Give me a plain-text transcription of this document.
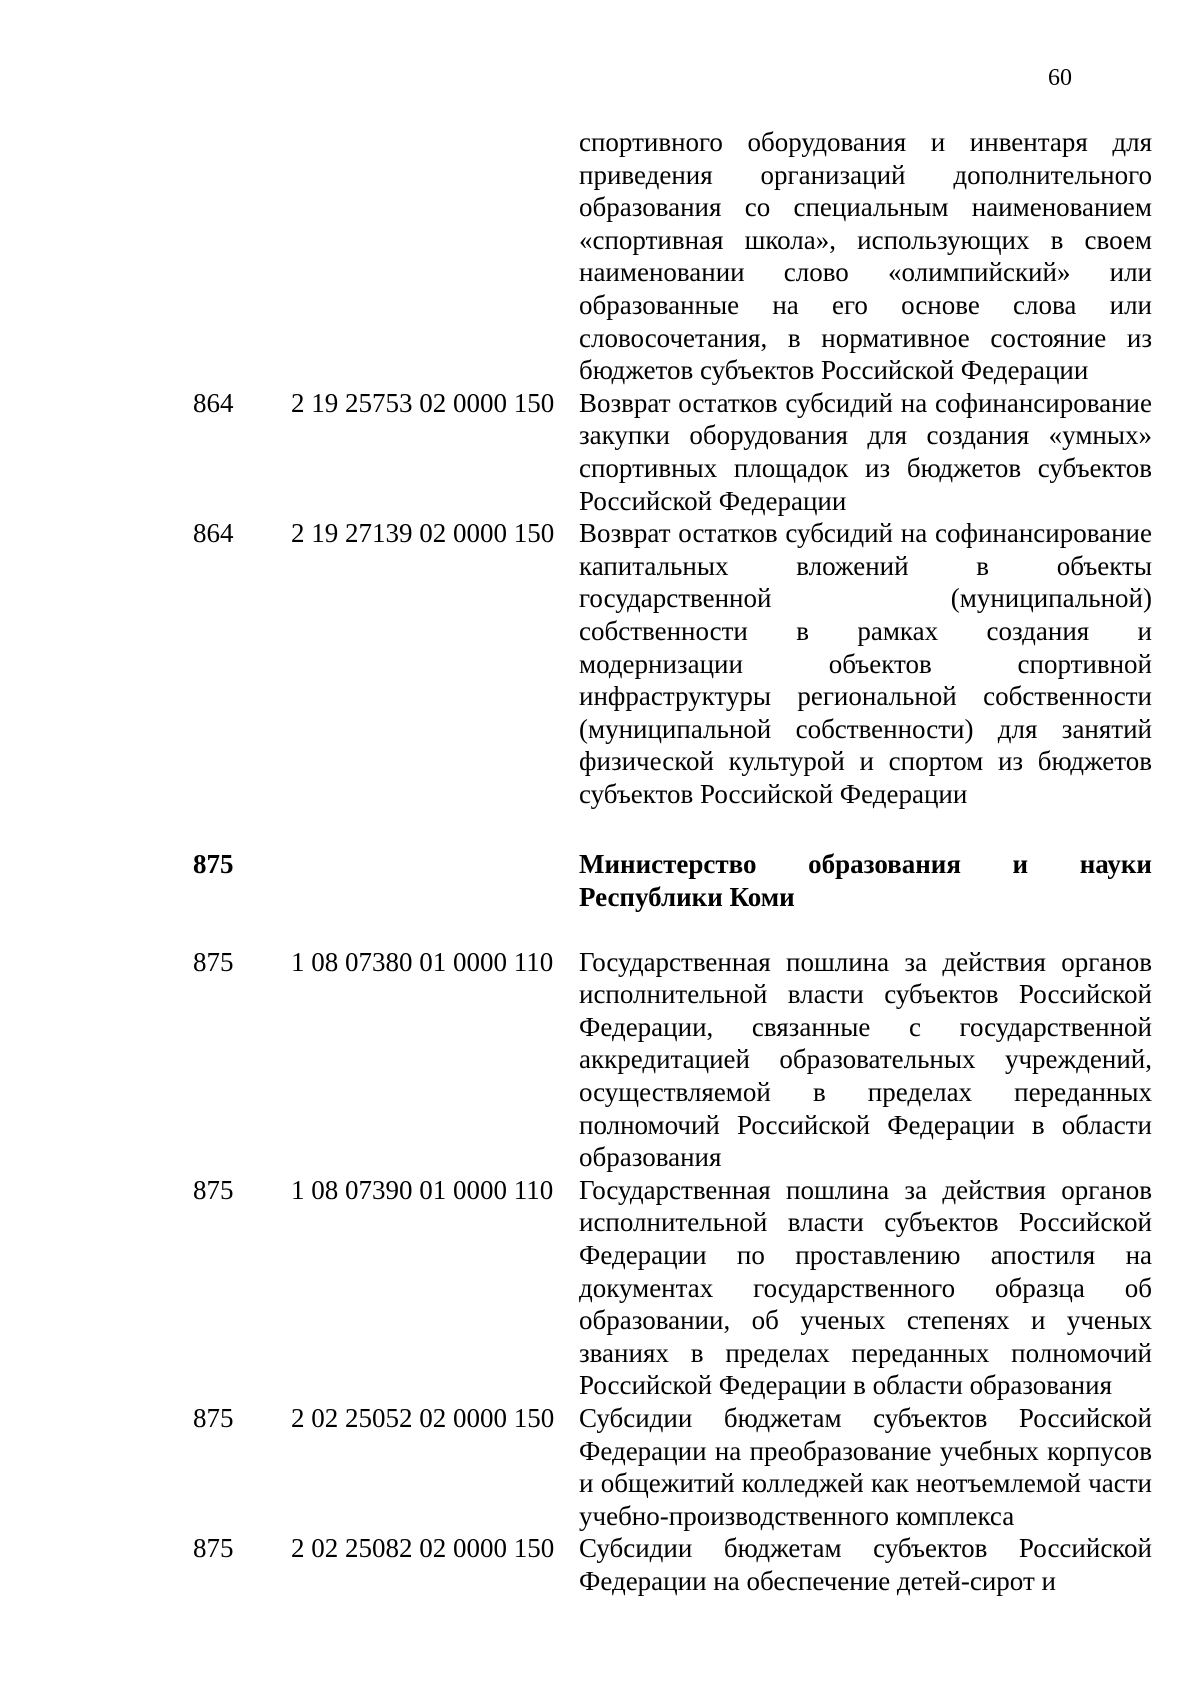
60
спортивного оборудования и инвентаря для приведения организаций дополнительного образования со специальным наименованием «спортивная школа», использующих в своем наименовании слово «олимпийский» или образованные на его основе слова или словосочетания, в нормативное состояние из бюджетов субъектов Российской Федерации
864 2 19 25753 02 0000 150 Возврат остатков субсидий на софинансирование закупки оборудования для создания «умных» спортивных площадок из бюджетов субъектов Российской Федерации
864 2 19 27139 02 0000 150 Возврат остатков субсидий на софинансирование капитальных вложений в объекты государственной (муниципальной) собственности в рамках создания и модернизации объектов спортивной инфраструктуры региональной собственности (муниципальной собственности) для занятий физической культурой и спортом из бюджетов субъектов Российской Федерации
875	Министерство образования и науки Республики Коми
875 1 08 07380 01 0000 110 Государственная пошлина за действия органов исполнительной власти субъектов Российской Федерации, связанные с государственной аккредитацией образовательных учреждений, осуществляемой в пределах переданных полномочий Российской Федерации в области образования
875 1 08 07390 01 0000 110 Государственная пошлина за действия органов исполнительной власти субъектов Российской Федерации по проставлению апостиля на документах государственного образца об образовании, об ученых степенях и ученых званиях в пределах переданных полномочий Российской Федерации в области образования
875 2 02 25052 02 0000 150 Субсидии бюджетам субъектов Российской Федерации на преобразование учебных корпусов и общежитий колледжей как неотъемлемой части учебно-производственного комплекса
875 2 02 25082 02 0000 150 Субсидии бюджетам субъектов Российской Федерации на обеспечение детей-сирот и
